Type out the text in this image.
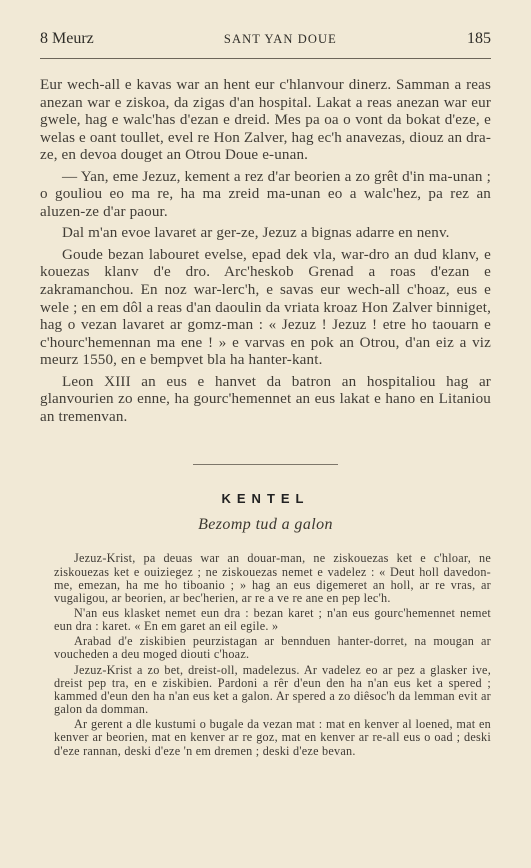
8 Meurz	SANT YAN DOUE	185

Eur wech-all e kavas war an hent eur c'hlanvour dinerz. Samman a reas anezan war e ziskoa, da zigas d'an hospital. Lakat a reas anezan war eur gwele, hag e walc'has d'ezan e dreid. Mes pa oa o vont da bokat d'eze, e welas e oant toullet, evel re Hon Zalver, hag ec'h anavezas, diouz an dra-ze, en devoa douget an Otrou Doue e-unan.

— Yan, eme Jezuz, kement a rez d'ar beorien a zo grêt d'in ma-unan ; o gouliou eo ma re, ha ma zreid ma-unan eo a walc'hez, pa rez an aluzen-ze d'ar paour.

Dal m'an evoe lavaret ar ger-ze, Jezuz a bignas adarre en nenv.

Goude bezan labouret evelse, epad dek vla, war-dro an dud klanv, e kouezas klanv d'e dro. Arc'heskob Grenad a roas d'ezan e zakramanchou. En noz war-lerc'h, e savas eur wech-all c'hoaz, eus e wele ; en em dôl a reas d'an daoulin da vriata kroaz Hon Zalver binniget, hag o vezan lavaret ar gomz-man : « Jezuz ! Jezuz ! etre ho taouarn e c'hourc'hemennan ma ene ! » e varvas en pok an Otrou, d'an eiz a viz meurz 1550, en e bempvet bla ha hanter-kant.

Leon XIII an eus e hanvet da batron an hospitaliou hag ar glanvourien zo enne, ha gourc'hemennet an eus lakat e hano en Litaniou an tremenvan.

KENTEL
Bezomp tud a galon

Jezuz-Krist, pa deuas war an douar-man, ne ziskouezas ket e c'hloar, ne ziskouezas ket e ouiziegez ; ne ziskouezas nemet e vadelez : « Deut holl davedon-me, emezan, ha me ho tiboanio ; » hag an eus digemeret an holl, ar re vras, ar vugaligou, ar beorien, ar bec'herien, ar re a ve re ane en pep lec'h.

N'an eus klasket nemet eun dra : bezan karet ; n'an eus gourc'hemennet nemet eun dra : karet. « En em garet an eil egile. »

Arabad d'e ziskibien peurzistagan ar bennduen hanter-dorret, na mougan ar voucheden a deu moged diouti c'hoaz.

Jezuz-Krist a zo bet, dreist-oll, madelezus. Ar vadelez eo ar pez a glasker ive, dreist pep tra, en e ziskibien. Pardoni a rêr d'eun den ha n'an eus ket a spered ; kammed d'eun den ha n'an eus ket a galon. Ar spered a zo diêsoc'h da lemman evit ar galon da domman.

Ar gerent a dle kustumi o bugale da vezan mat : mat en kenver al loened, mat en kenver ar beorien, mat en kenver ar re goz, mat en kenver ar re-all eus o oad ; deski d'eze rannan, deski d'eze 'n em dremen ; deski d'eze bevan.
